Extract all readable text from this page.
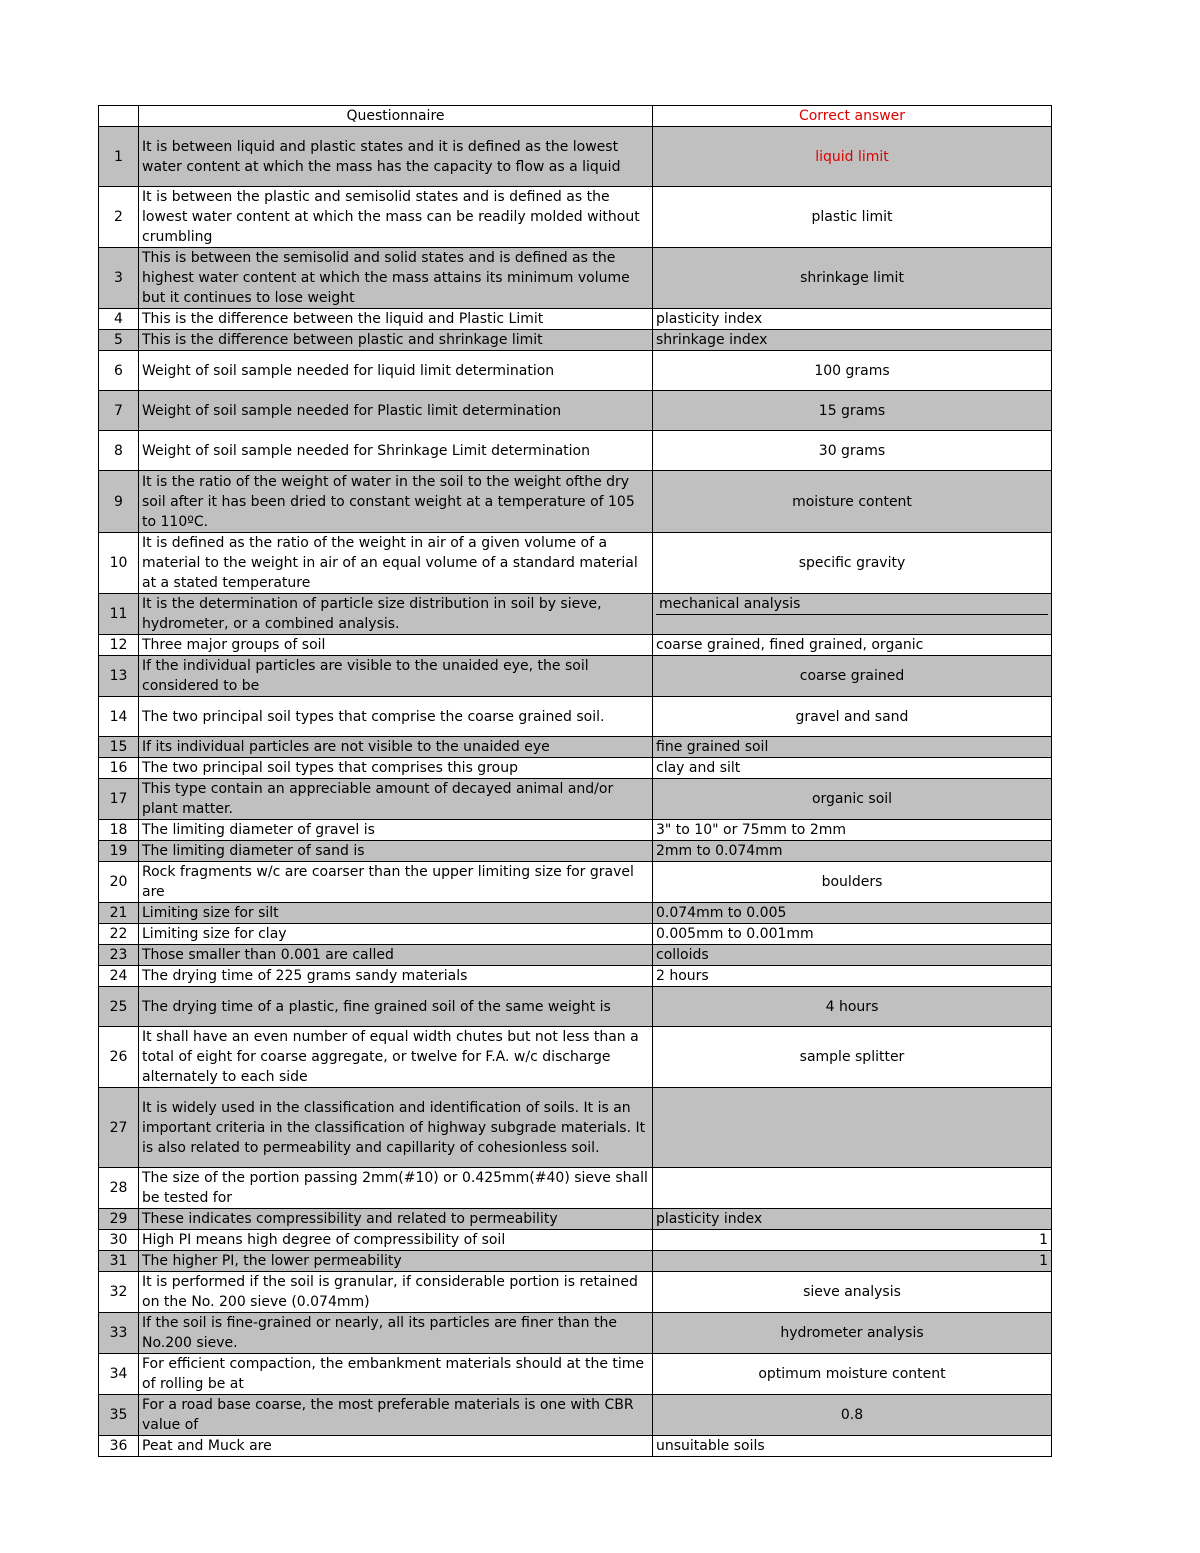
	Questionnaire	Correct answer
1	It is between liquid and plastic states and it is defined as the lowest water content at which the mass has the capacity to flow as a liquid	liquid limit
2	It is between the plastic and semisolid states and is defined as the lowest water content at which the mass can be readily molded without crumbling	plastic limit
3	This is between the semisolid and solid states and is defined as the highest water content at which the mass attains its minimum volume but it continues to lose weight	shrinkage limit
4	This is the difference between the liquid and Plastic Limit	plasticity index
5	This is the difference between plastic and shrinkage limit	shrinkage index
6	Weight of soil sample needed for liquid limit determination	100 grams
7	Weight of soil sample needed for Plastic limit determination	15 grams
8	Weight of soil sample needed for Shrinkage Limit determination	30 grams
9	It is the ratio of the weight of water in the soil to the weight ofthe dry soil after it has been dried to constant weight at a temperature of 105 to 110ºC.	moisture content
10	It is defined as the ratio of the weight in air of a given volume of a material to the weight in air of an equal volume of a standard material at a stated temperature	specific gravity
11	It is the determination of particle size distribution in soil by sieve, hydrometer, or a combined analysis.	mechanical analysis

12	Three major groups of soil	coarse grained, fined grained, organic
13	If the individual particles are visible to the unaided eye, the soil considered to be	coarse grained
14	The two principal soil types that comprise the coarse grained soil.	gravel and sand
15	If its individual particles are not visible to the unaided eye	fine grained soil
16	The two principal soil types that comprises this group	clay and silt
17	This type contain an appreciable amount of decayed animal and/or plant matter.	organic soil
18	The limiting diameter of gravel is	3" to 10" or 75mm to 2mm
19	The limiting diameter of sand is	2mm to 0.074mm
20	Rock fragments w/c are coarser than the upper limiting size for gravel are	boulders
21	Limiting size for silt	0.074mm to 0.005
22	Limiting size for clay	0.005mm to 0.001mm
23	Those smaller than 0.001 are called	colloids
24	The drying time of 225 grams sandy materials	2 hours
25	The drying time of a plastic, fine grained soil of the same weight is	4 hours
26	It shall have an even number of equal width chutes but not less than a total of eight for coarse aggregate, or twelve for F.A. w/c discharge alternately to each side	sample splitter
27	It is widely used in the classification and identification of soils. It is an important criteria in the classification of highway subgrade materials. It is also related to permeability and capillarity of cohesionless soil.	
28	The size of the portion passing 2mm(#10) or 0.425mm(#40) sieve shall be tested for	
29	These indicates compressibility and related to permeability	plasticity index
30	High PI means high degree of compressibility of soil	1
31	The higher PI, the lower permeability	1
32	It is performed if the soil is granular, if considerable portion is retained on the No. 200 sieve (0.074mm)	sieve analysis
33	If the soil is fine-grained or nearly, all its particles are finer than the No.200 sieve.	hydrometer analysis
34	For efficient compaction, the embankment materials should at the time of rolling be at	optimum moisture content
35	For a road base coarse, the most preferable materials is one with CBR value of	0.8
36	Peat and Muck are	unsuitable soils
